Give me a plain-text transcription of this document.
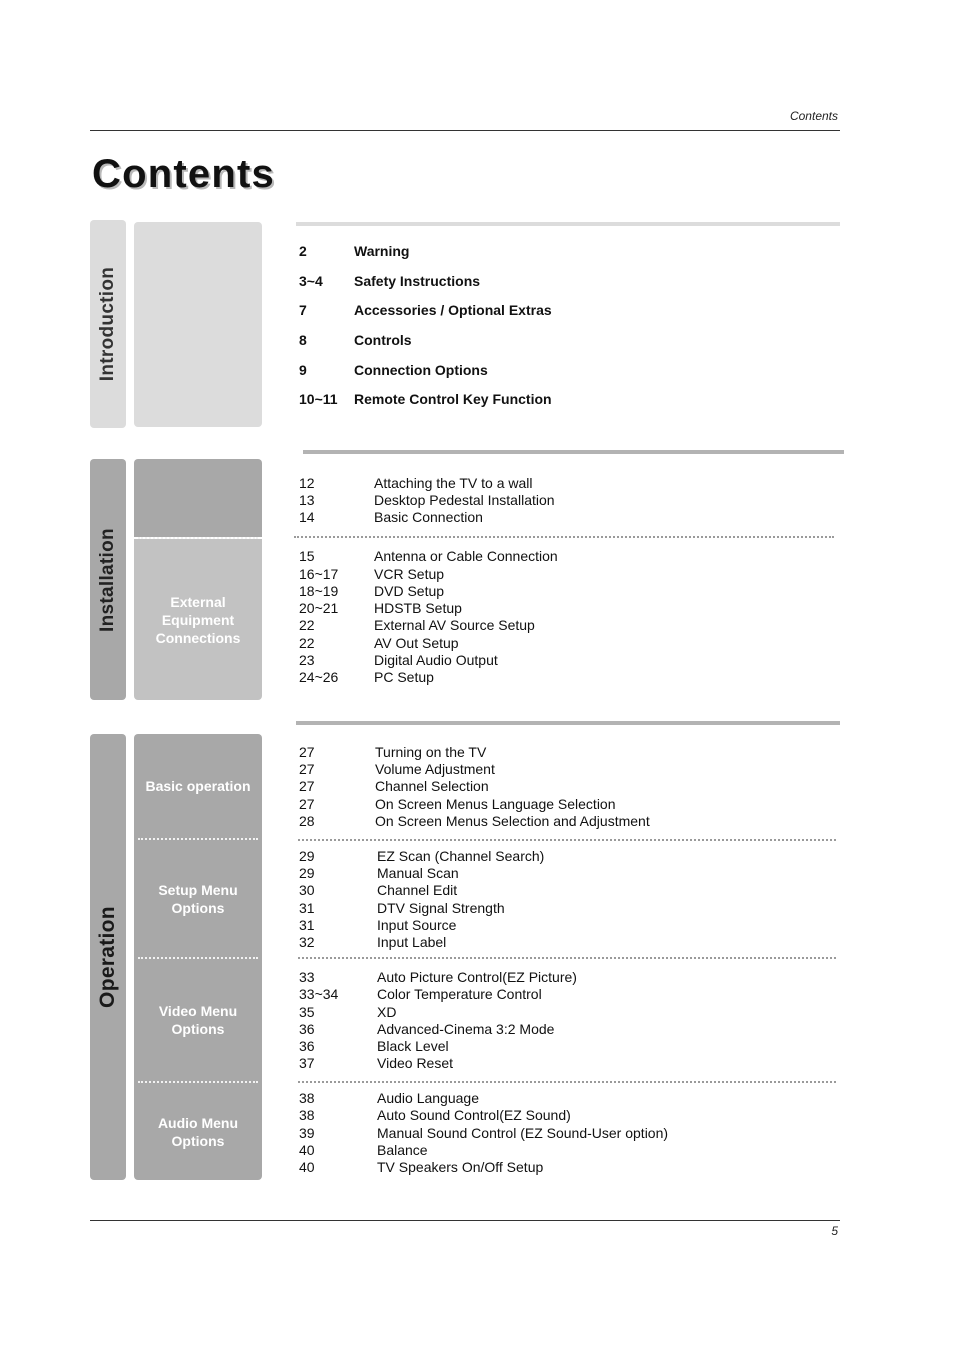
Contents
Contents
Introduction
2	Warning
3~4 Safety Instructions
7	Accessories / Optional Extras
8	Controls
9	Connection Options
10~11 Remote Control Key Function
Installation	External Equipment Connections
12	Attaching the TV to a wall
13	Desktop Pedestal Installation
14	Basic Connection
15	Antenna or Cable Connection
16~17	VCR Setup
18~19	DVD Setup
20~21	HDSTB Setup
22	External AV Source Setup
22	AV Out Setup
23	Digital Audio Output
24~26	PC Setup
Operation
Basic operation
Setup Menu Options
Video Menu Options
Audio Menu Options
27	Turning on the TV
27	Volume Adjustment
27	Channel Selection
27	On Screen Menus Language Selection
28	On Screen Menus Selection and Adjustment
29	EZ Scan (Channel Search)
29	Manual Scan
30	Channel Edit
31	DTV Signal Strength
31	Input Source
32	Input Label
33	Auto Picture Control(EZ Picture)
33~34	Color Temperature Control
35	XD
36	Advanced-Cinema 3:2 Mode
36	Black Level
37	Video Reset
38	Audio Language
38	Auto Sound Control(EZ Sound)
39	Manual Sound Control (EZ Sound-User option)
40	Balance
40	TV Speakers On/Off Setup
5
